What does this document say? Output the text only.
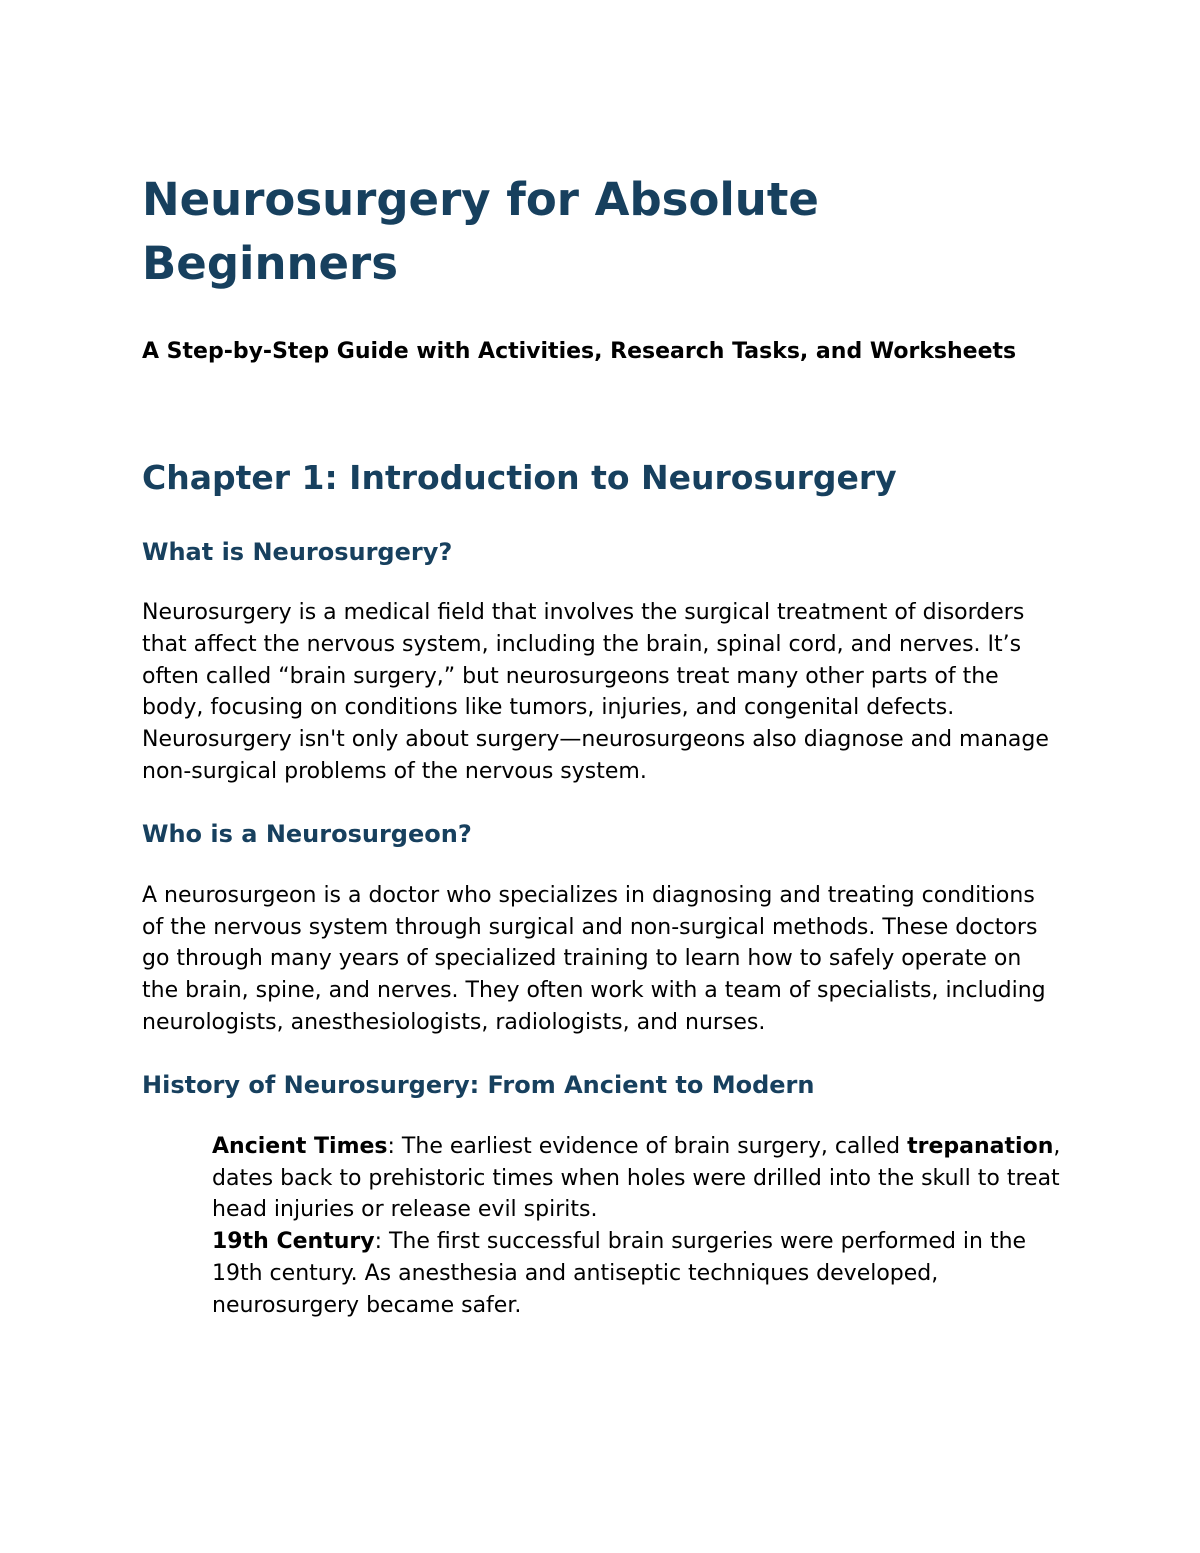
Neurosurgery for Absolute Beginners

A Step-by-Step Guide with Activities, Research Tasks, and Worksheets

Chapter 1: Introduction to Neurosurgery
What is Neurosurgery?

Neurosurgery is a medical field that involves the surgical treatment of disorders that affect the nervous system, including the brain, spinal cord, and nerves. It’s often called “brain surgery,” but neurosurgeons treat many other parts of the body, focusing on conditions like tumors, injuries, and congenital defects. Neurosurgery isn't only about surgery—neurosurgeons also diagnose and manage non-surgical problems of the nervous system.

Who is a Neurosurgeon?

A neurosurgeon is a doctor who specializes in diagnosing and treating conditions of the nervous system through surgical and non-surgical methods. These doctors go through many years of specialized training to learn how to safely operate on the brain, spine, and nerves. They often work with a team of specialists, including neurologists, anesthesiologists, radiologists, and nurses.

History of Neurosurgery: From Ancient to Modern
Ancient Times: The earliest evidence of brain surgery, called trepanation, dates back to prehistoric times when holes were drilled into the skull to treat head injuries or release evil spirits.
19th Century: The first successful brain surgeries were performed in the 19th century. As anesthesia and antiseptic techniques developed, neurosurgery became safer.
